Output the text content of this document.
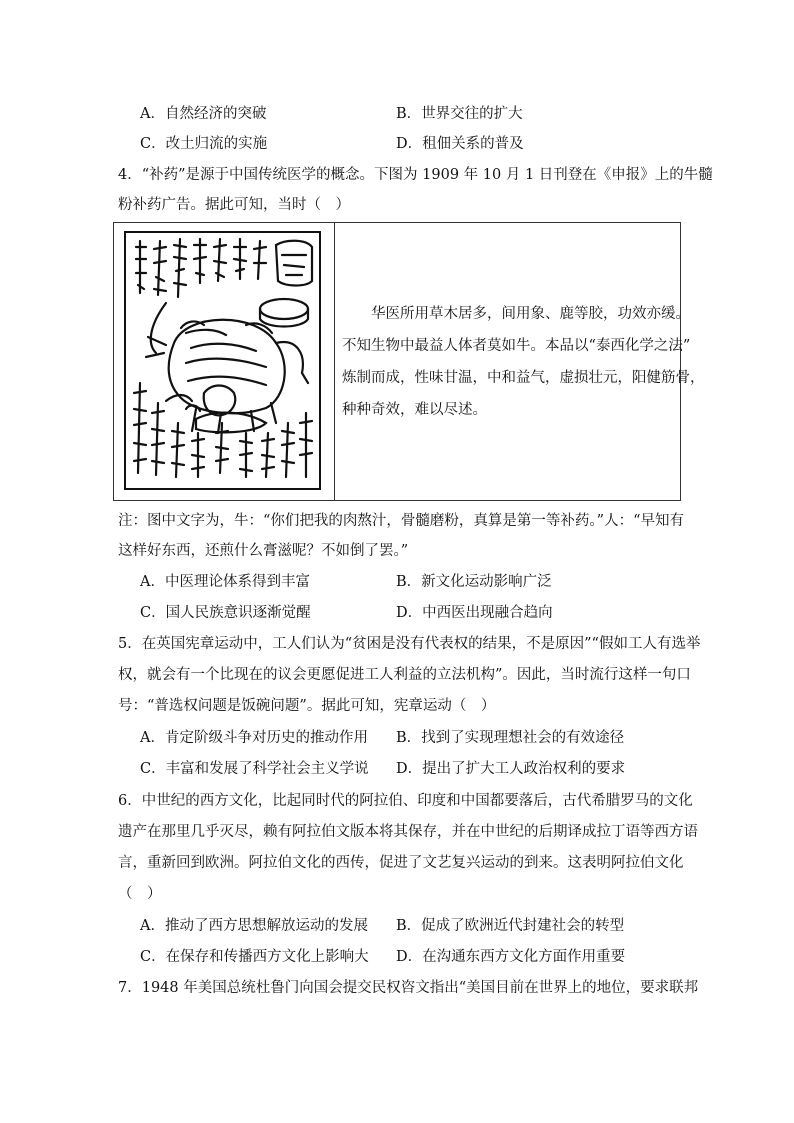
A．自然经济的突破	B．世界交往的扩大
C．改土归流的实施	D．租佃关系的普及
4．“补药”是源于中国传统医学的概念。下图为 1909 年 10 月 1 日刊登在《申报》上的牛髓
粉补药广告。据此可知，当时（　）
　　华医所用草木居多，间用象、鹿等胶，功效亦缓。
不知生物中最益人体者莫如牛。本品以“泰西化学之法”
炼制而成，性味甘温，中和益气，虚损壮元，阳健筋骨，
种种奇效，难以尽述。
注：图中文字为，牛：“你们把我的肉熬汁，骨髓磨粉，真算是第一等补药。”人：“早知有
这样好东西，还煎什么膏滋呢？不如倒了罢。”
A．中医理论体系得到丰富	B．新文化运动影响广泛
C．国人民族意识逐渐觉醒	D．中西医出现融合趋向
5．在英国宪章运动中，工人们认为“贫困是没有代表权的结果，不是原因”“假如工人有选举
权，就会有一个比现在的议会更愿促进工人利益的立法机构”。因此，当时流行这样一句口
号：“普选权问题是饭碗问题”。据此可知，宪章运动（　）
A．肯定阶级斗争对历史的推动作用 B．找到了实现理想社会的有效途径
C．丰富和发展了科学社会主义学说 D．提出了扩大工人政治权利的要求
6．中世纪的西方文化，比起同时代的阿拉伯、印度和中国都要落后，古代希腊罗马的文化
遗产在那里几乎灭尽，赖有阿拉伯文版本将其保存，并在中世纪的后期译成拉丁语等西方语
言，重新回到欧洲。阿拉伯文化的西传，促进了文艺复兴运动的到来。这表明阿拉伯文化
（　）
A．推动了西方思想解放运动的发展 B．促成了欧洲近代封建社会的转型
C．在保存和传播西方文化上影响大 D．在沟通东西方文化方面作用重要
7．1948 年美国总统杜鲁门向国会提交民权咨文指出“美国目前在世界上的地位，要求联邦
